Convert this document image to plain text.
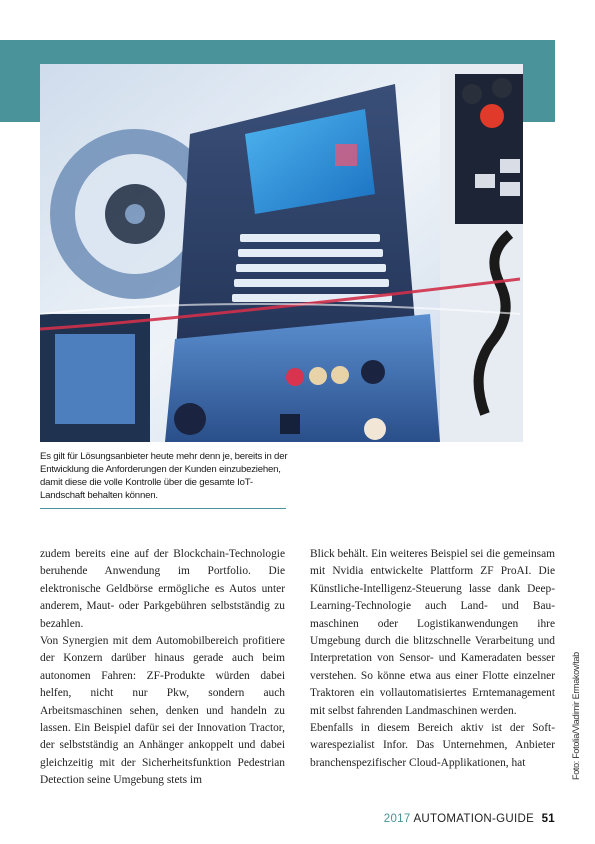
Es gilt für Lösungsanbieter heute mehr denn je, bereits in der Entwicklung die Anforderungen der Kunden einzubeziehen, damit diese die volle Kontrolle über die gesamte IoT-Landschaft behalten können.

zudem bereits eine auf der Blockchain-Technologie beruhende Anwendung im Portfolio. Die elektronische Geldbörse ermögliche es Autos unter anderem, Maut- oder Parkgebühren selbstständig zu bezahlen.

Von Synergien mit dem Automobilbereich profitiere der Konzern darüber hinaus gerade auch beim autonomen Fahren: ZF-Produkte würden dabei helfen, nicht nur Pkw, sondern auch Arbeitsmaschinen sehen, denken und handeln zu lassen. Ein Beispiel dafür sei der Innovation Tractor, der selbstständig an Anhänger ankoppelt und dabei gleichzeitig mit der Sicherheitsfunktion Pedestrian Detection seine Umgebung stets im

Blick behält. Ein weiteres Beispiel sei die gemeinsam mit Nvidia entwickelte Plattform ZF ProAI. Die Künstliche-Intelligenz-Steuerung lasse dank Deep-Learning-Technologie auch Land- und Baumaschinen oder Logistikanwendungen ihre Umgebung durch die blitzschnelle Verarbeitung und Interpretation von Sensor- und Kameradaten besser verstehen. So könne etwa aus einer Flotte einzelner Traktoren ein vollautomatisiertes Erntemanagement mit selbst fahrenden Landmaschinen werden.

Ebenfalls in diesem Bereich aktiv ist der Softwarespezialist Infor. Das Unternehmen, Anbieter branchenspezifischer Cloud-Applikationen, hat	Foto: Fotolia/Vladimir Ermakov/tab
2017 AUTOMATION-GUIDE 51
